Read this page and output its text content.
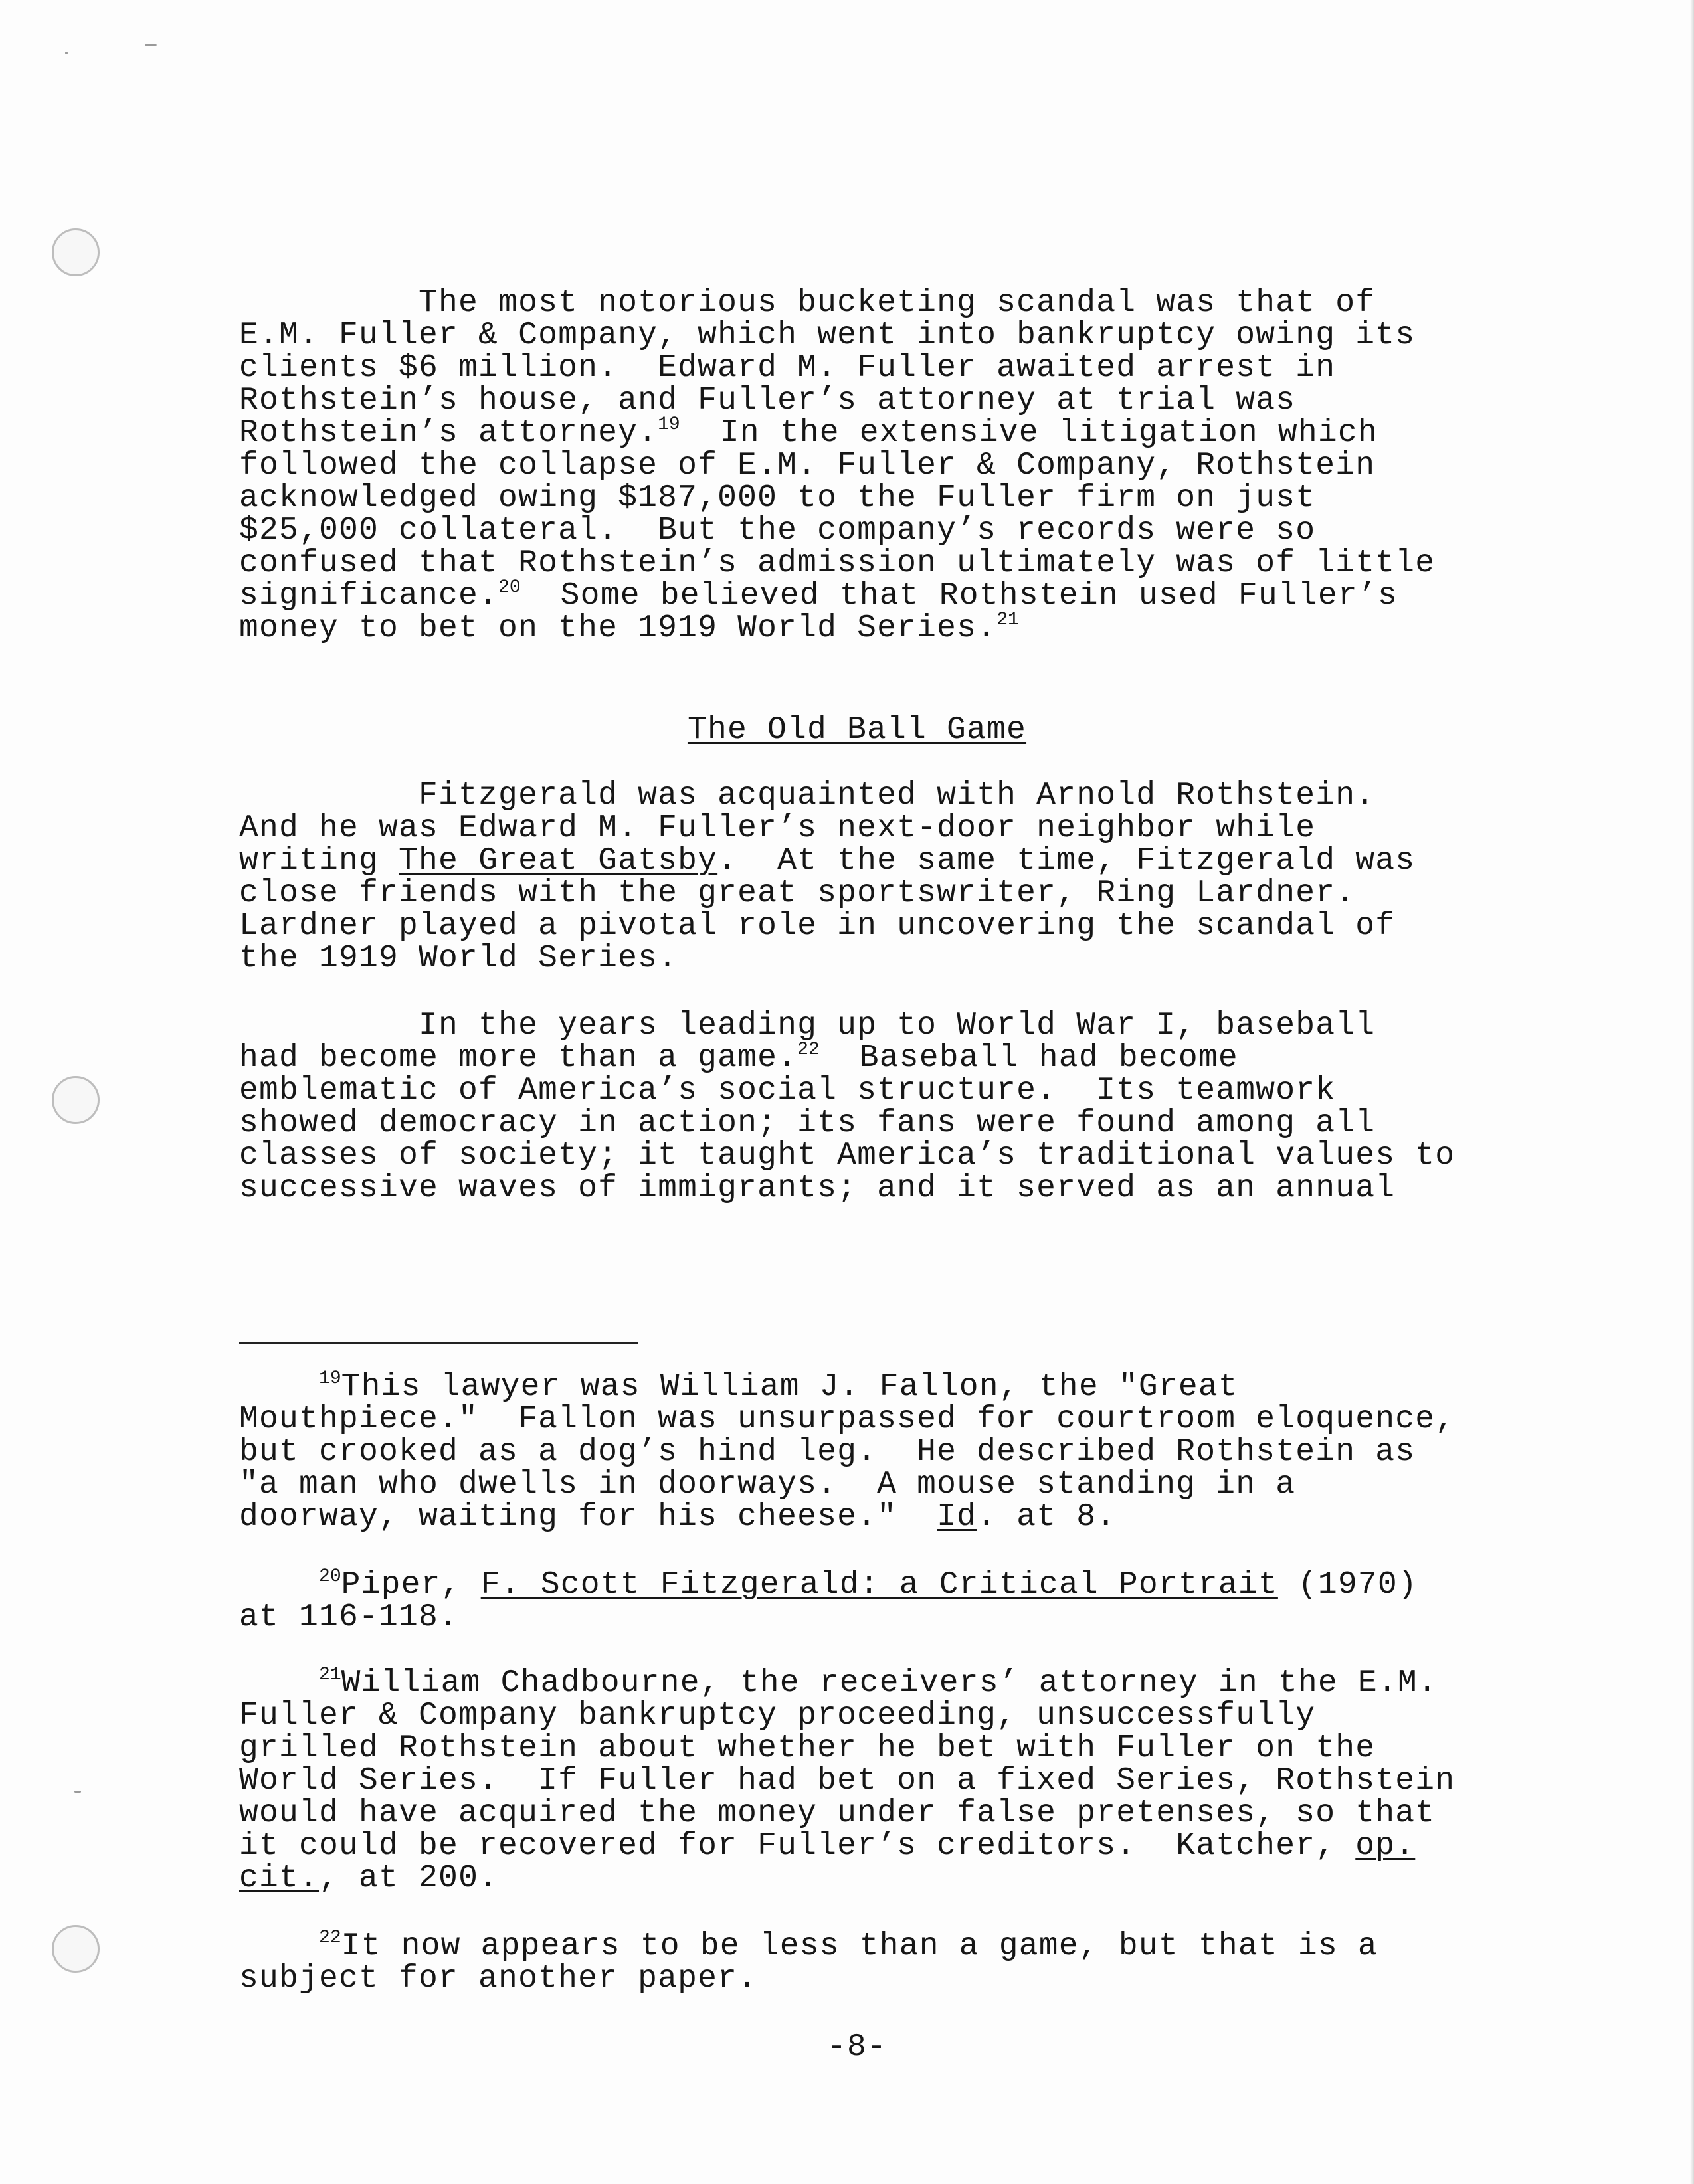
The most notorious bucketing scandal was that of
E.M. Fuller & Company, which went into bankruptcy owing its
clients $6 million.  Edward M. Fuller awaited arrest in
Rothstein’s house, and Fuller’s attorney at trial was
Rothstein’s attorney.$^{19}$  In the extensive litigation which
followed the collapse of E.M. Fuller & Company, Rothstein
acknowledged owing $187,000 to the Fuller firm on just
$25,000 collateral.  But the company’s records were so
confused that Rothstein’s admission ultimately was of little
significance.$^{20}$  Some believed that Rothstein used Fuller’s
money to bet on the 1919 World Series.$^{21}$
The Old Ball Game
Fitzgerald was acquainted with Arnold Rothstein.
And he was Edward M. Fuller’s next-door neighbor while
writing The Great Gatsby.  At the same time, Fitzgerald was
close friends with the great sportswriter, Ring Lardner.
Lardner played a pivotal role in uncovering the scandal of
the 1919 World Series.
In the years leading up to World War I, baseball
had become more than a game.$^{22}$  Baseball had become
emblematic of America’s social structure.  Its teamwork
showed democracy in action; its fans were found among all
classes of society; it taught America’s traditional values to
successive waves of immigrants; and it served as an annual
$^{19}$This lawyer was William J. Fallon, the "Great
Mouthpiece."  Fallon was unsurpassed for courtroom eloquence,
but crooked as a dog’s hind leg.  He described Rothstein as
"a man who dwells in doorways.  A mouse standing in a
doorway, waiting for his cheese."  Id. at 8.
$^{20}$Piper, F. Scott Fitzgerald: a Critical Portrait (1970)
at 116-118.
$^{21}$William Chadbourne, the receivers’ attorney in the E.M.
Fuller & Company bankruptcy proceeding, unsuccessfully
grilled Rothstein about whether he bet with Fuller on the
World Series.  If Fuller had bet on a fixed Series, Rothstein
would have acquired the money under false pretenses, so that
it could be recovered for Fuller’s creditors.  Katcher, op.
cit., at 200.
$^{22}$It now appears to be less than a game, but that is a
subject for another paper.
-8-
